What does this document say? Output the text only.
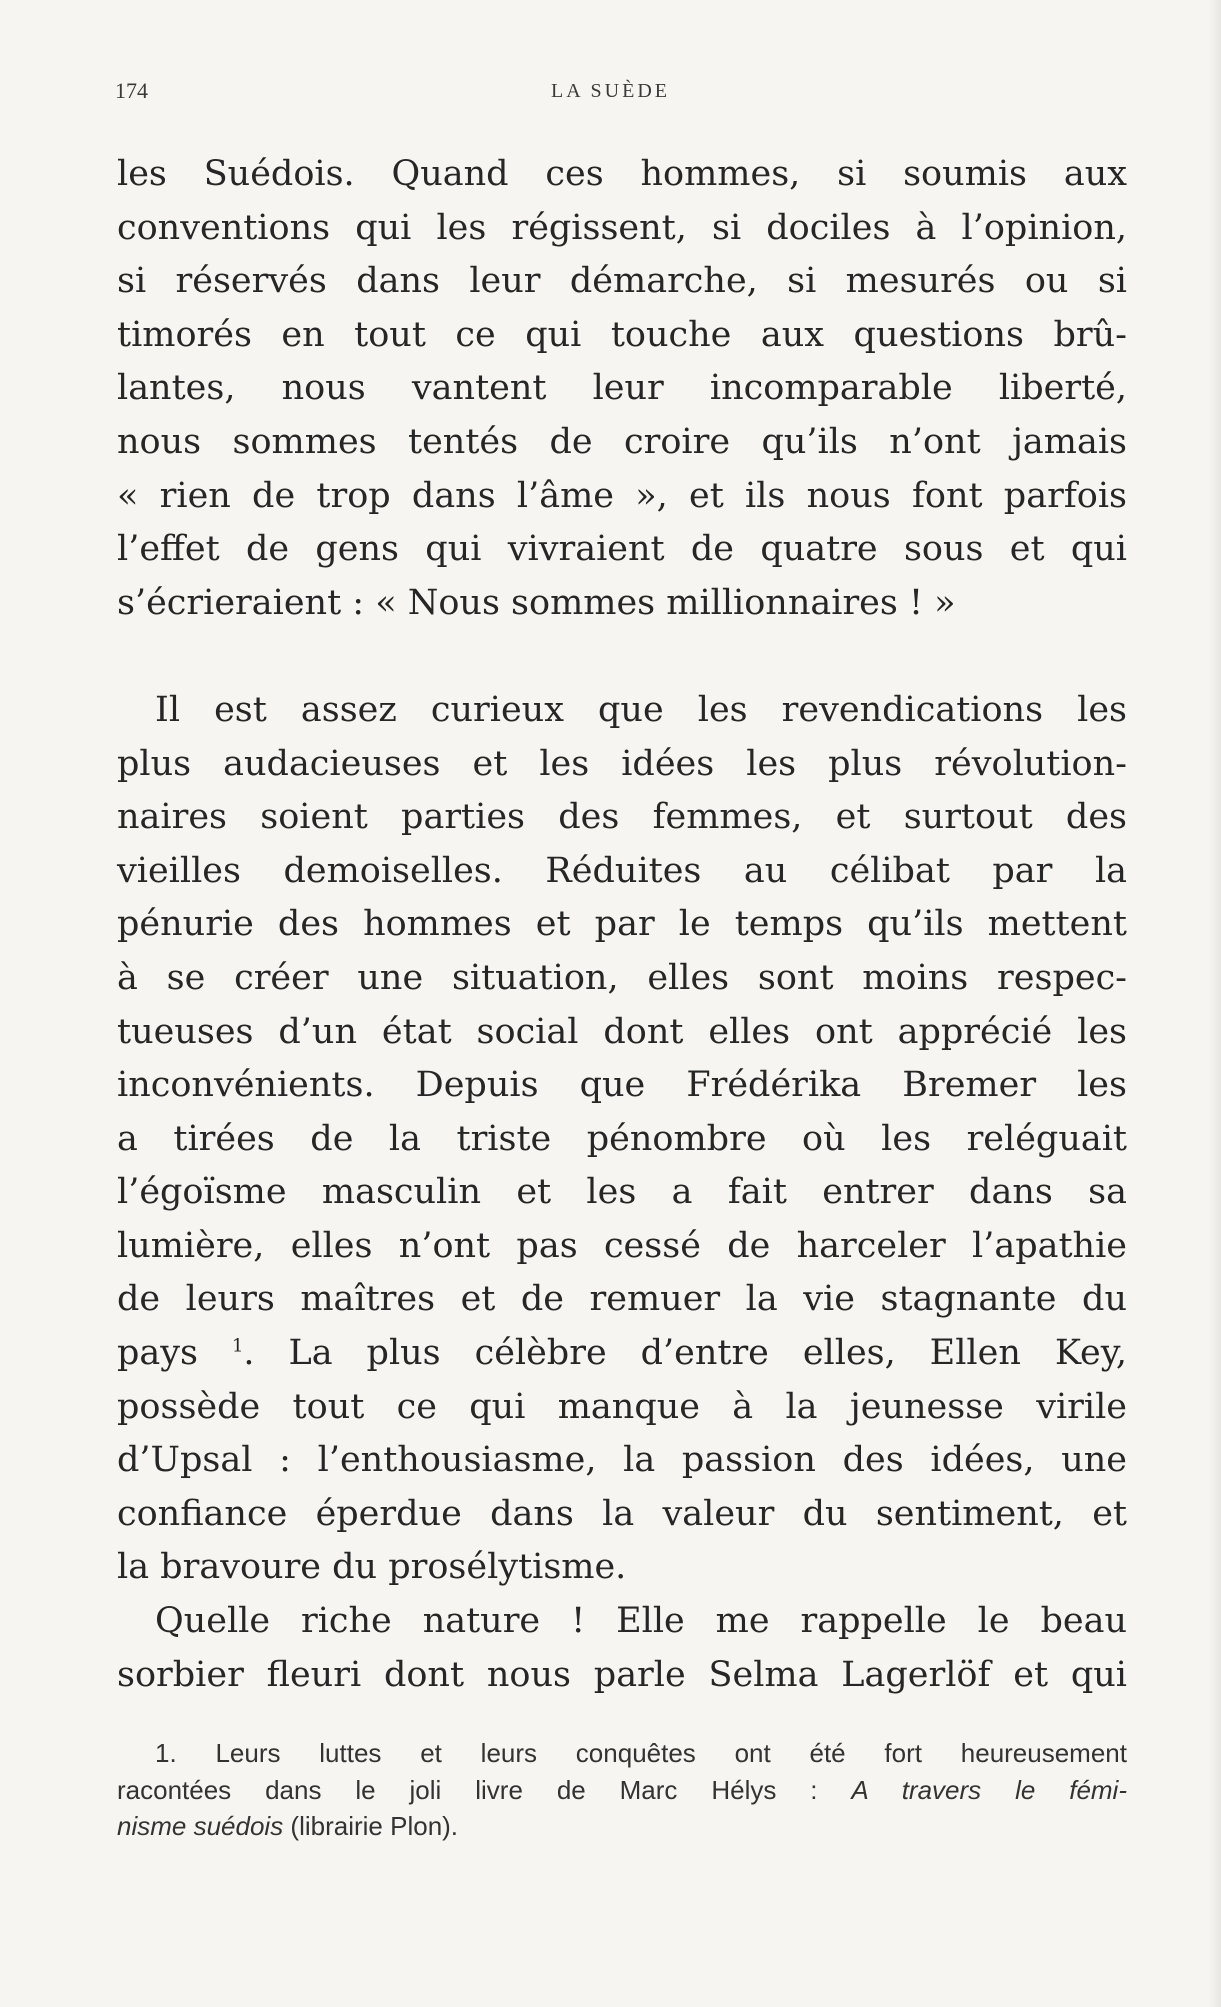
174	LA SUÈDE
les Suédois. Quand ces hommes, si soumis aux
conventions qui les régissent, si dociles à l’opinion,
si réservés dans leur démarche, si mesurés ou si
timorés en tout ce qui touche aux questions brû-
lantes, nous vantent leur incomparable liberté,
nous sommes tentés de croire qu’ils n’ont jamais
« rien de trop dans l’âme », et ils nous font parfois
l’effet de gens qui vivraient de quatre sous et qui
s’écrieraient : « Nous sommes millionnaires ! »
Il est assez curieux que les revendications les
plus audacieuses et les idées les plus révolution-
naires soient parties des femmes, et surtout des
vieilles demoiselles. Réduites au célibat par la
pénurie des hommes et par le temps qu’ils mettent
à se créer une situation, elles sont moins respec-
tueuses d’un état social dont elles ont apprécié les
inconvénients. Depuis que Frédérika Bremer les
a tirées de la triste pénombre où les reléguait
l’égoïsme masculin et les a fait entrer dans sa
lumière, elles n’ont pas cessé de harceler l’apathie
de leurs maîtres et de remuer la vie stagnante du
pays $^1$. La plus célèbre d’entre elles, Ellen Key,
possède tout ce qui manque à la jeunesse virile
d’Upsal : l’enthousiasme, la passion des idées, une
confiance éperdue dans la valeur du sentiment, et
la bravoure du prosélytisme.
Quelle riche nature ! Elle me rappelle le beau
sorbier fleuri dont nous parle Selma Lagerlöf et qui
1. Leurs luttes et leurs conquêtes ont été fort heureusement
racontées dans le joli livre de Marc Hélys : A travers le fémi-
nisme suédois (librairie Plon).
